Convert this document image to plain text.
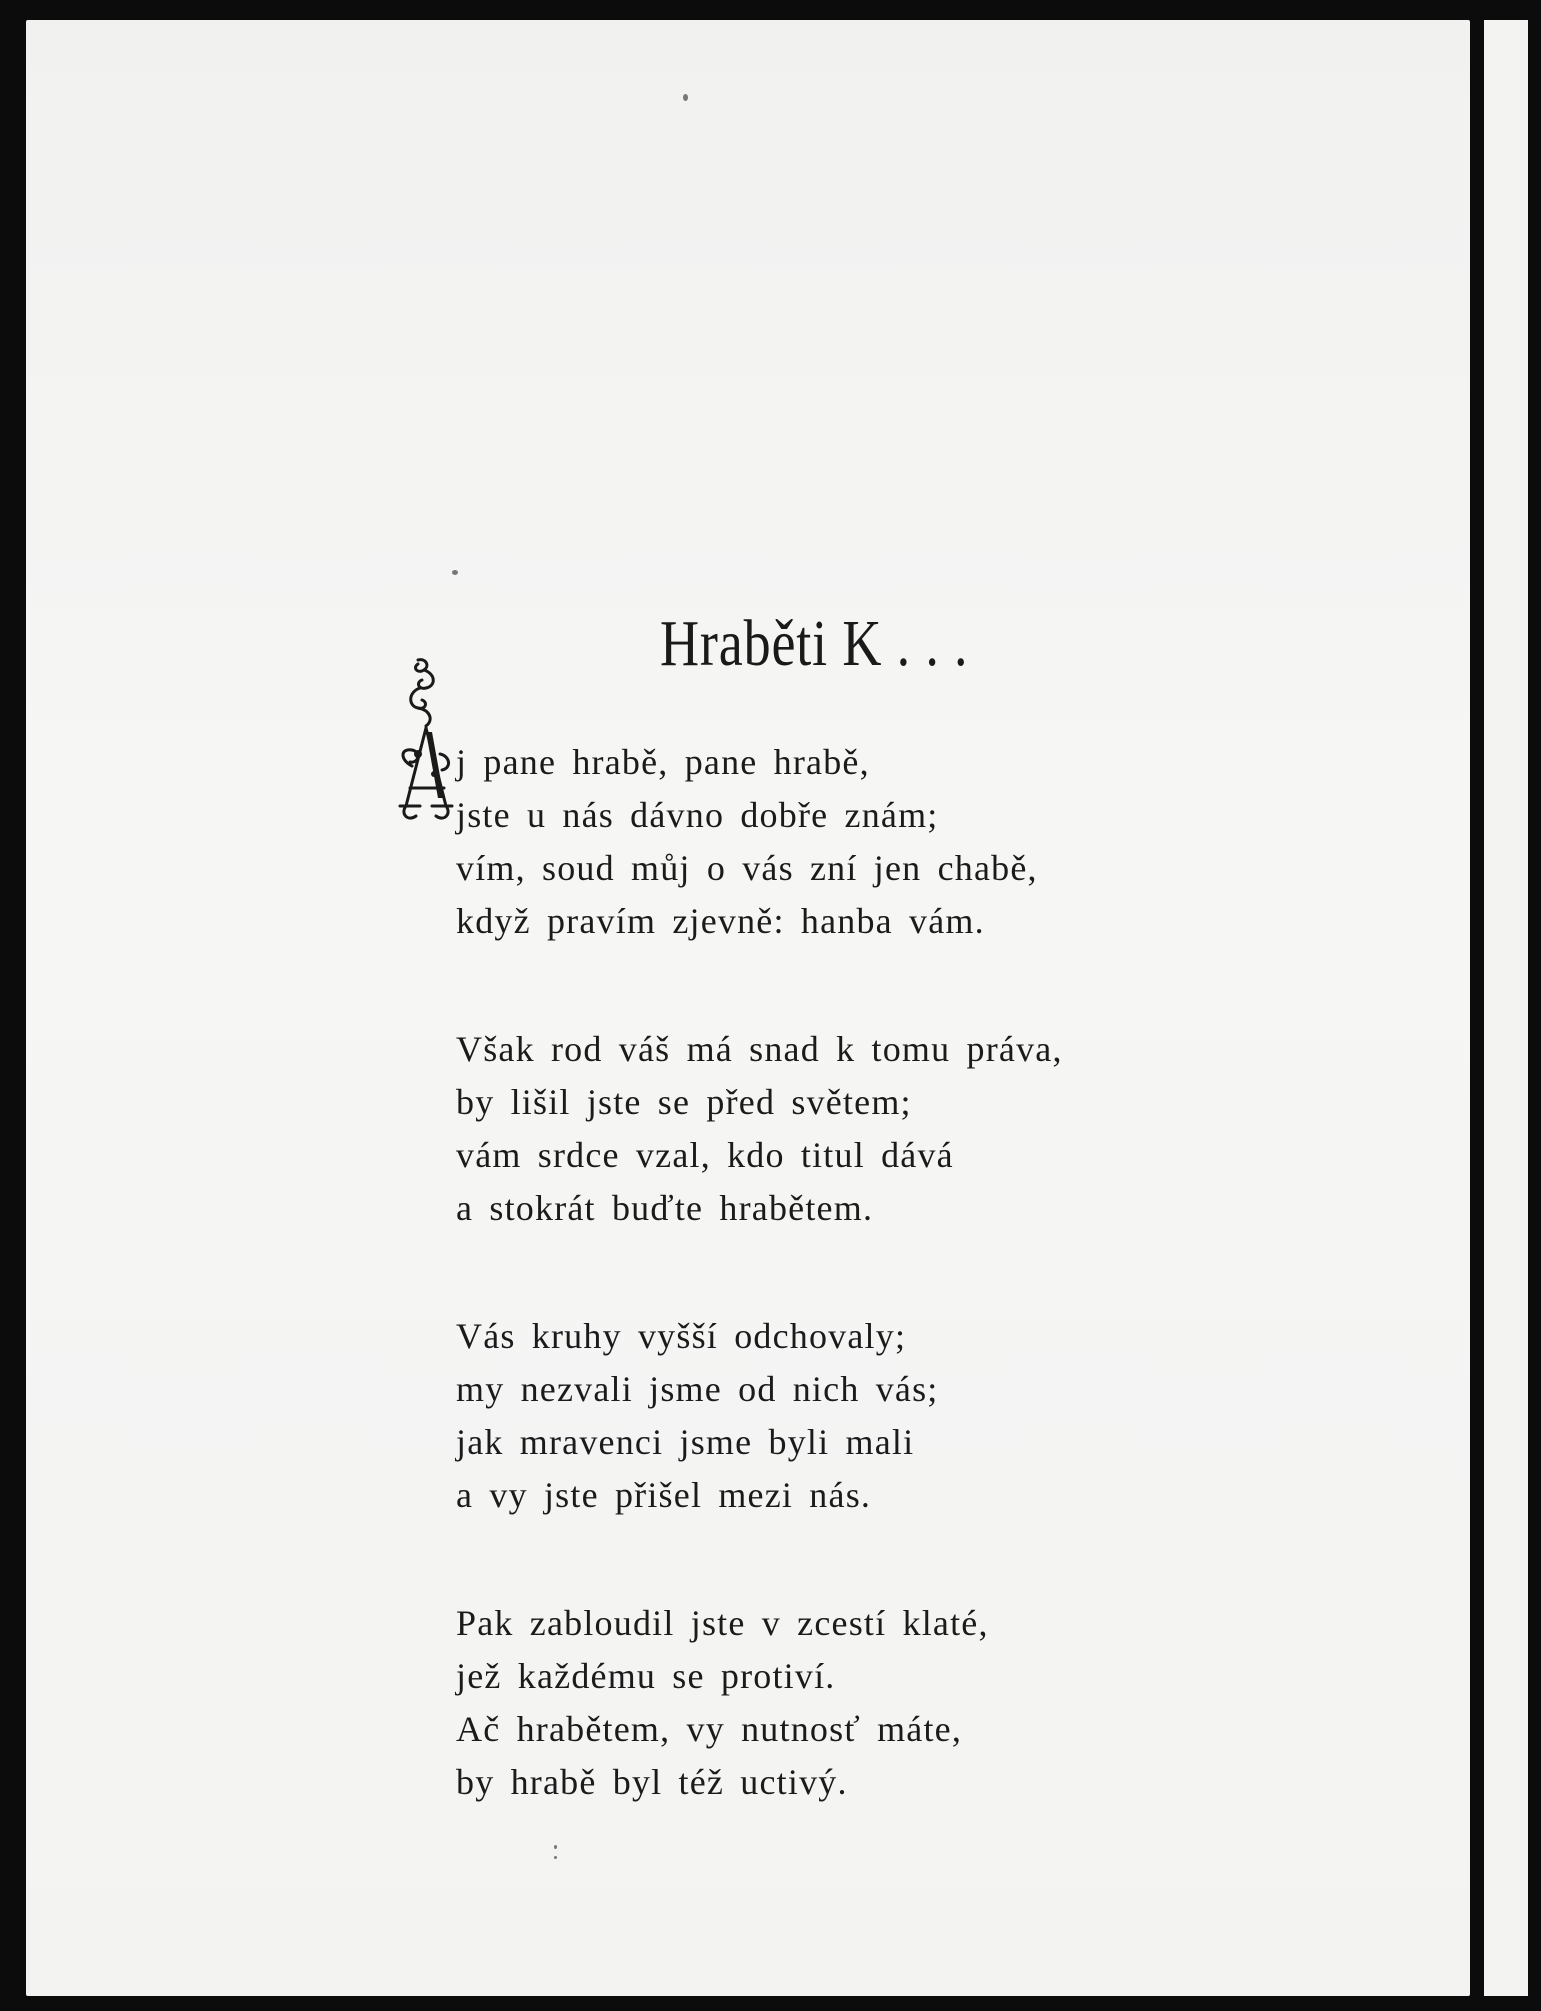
Hraběti K . . .
j pane hrabě, pane hrabě,
jste u nás dávno dobře znám;
vím, soud můj o vás zní jen chabě,
když pravím zjevně: hanba vám.
Však rod váš má snad k tomu práva,
by lišil jste se před světem;
vám srdce vzal, kdo titul dává
a stokrát buďte hrabětem.
Vás kruhy vyšší odchovaly;
my nezvali jsme od nich vás;
jak mravenci jsme byli mali
a vy jste přišel mezi nás.
Pak zabloudil jste v zcestí klaté,
jež každému se protiví.
Ač hrabětem, vy nutnosť máte,
by hrabě byl též uctivý.
